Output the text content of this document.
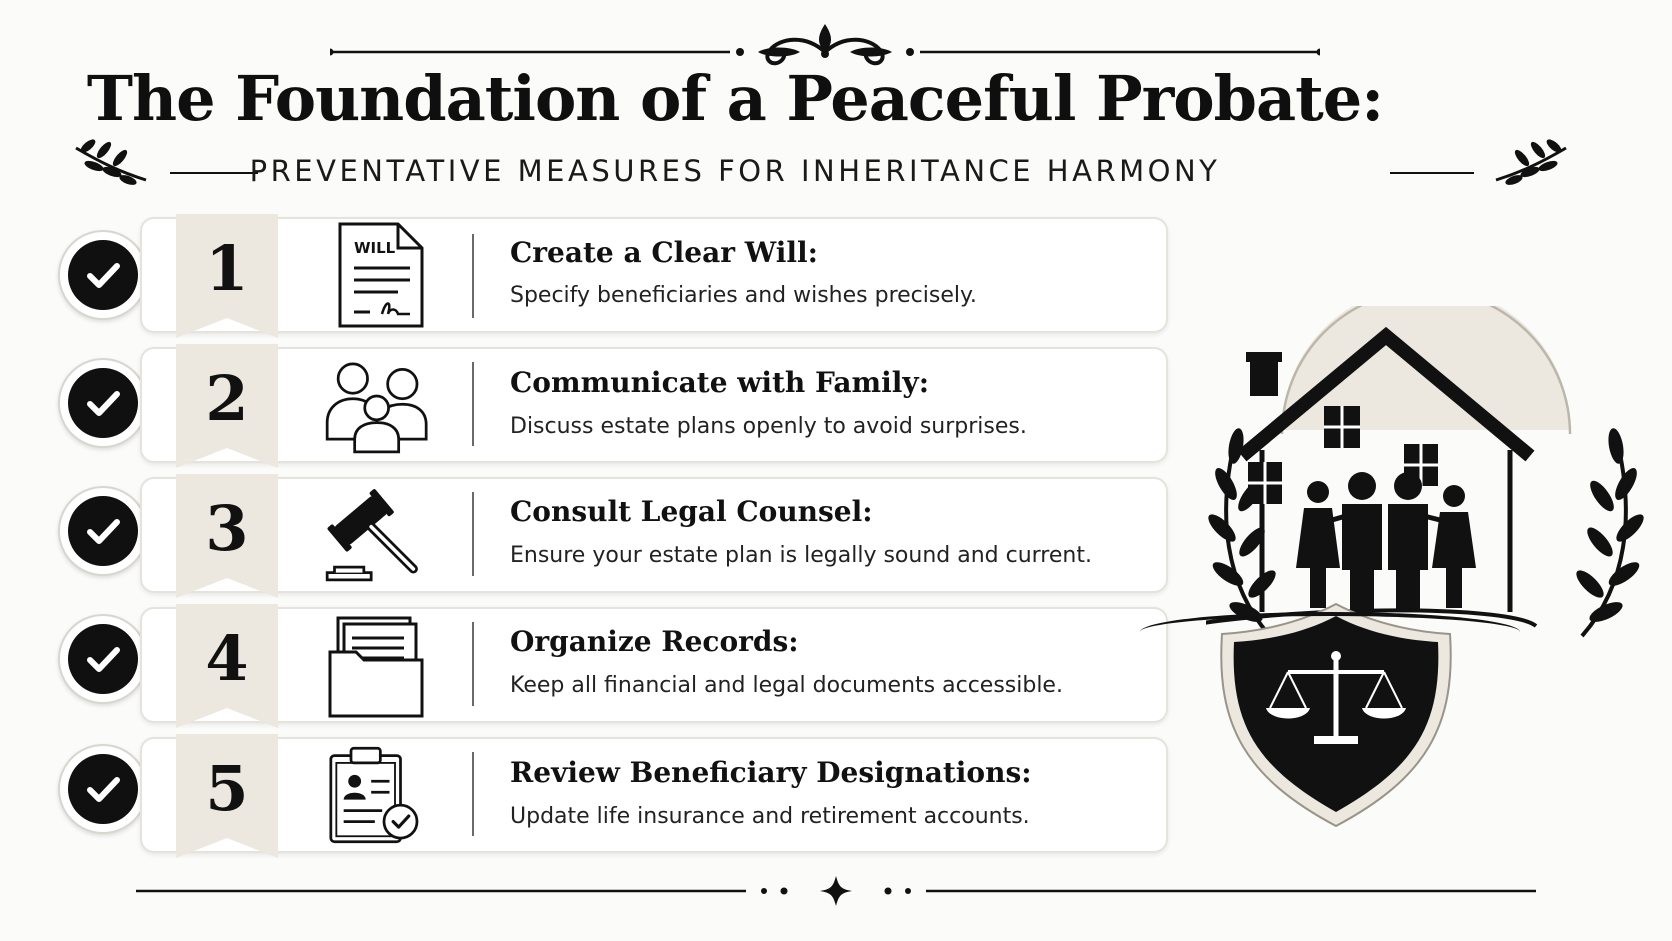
The Foundation of a Peaceful Probate:
PREVENTATIVE MEASURES FOR INHERITANCE HARMONY
1	WILL	Create a Clear Will:
Specify beneficiaries and wishes precisely.
2	Communicate with Family:
Discuss estate plans openly to avoid surprises.
3	Consult Legal Counsel:
Ensure your estate plan is legally sound and current.
4	Organize Records:
Keep all financial and legal documents accessible.
5	Review Beneficiary Designations:
Update life insurance and retirement accounts.
